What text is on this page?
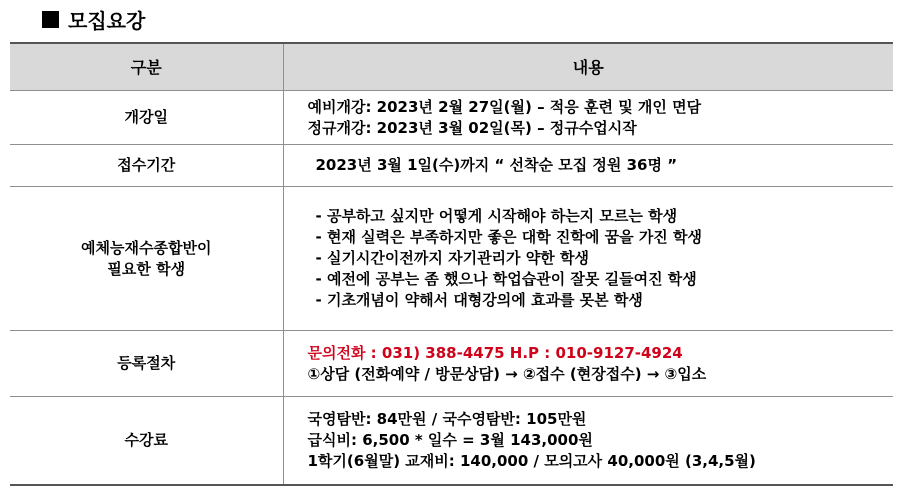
모집요강
구분	내용

개강일	예비개강: 2023년 2월 27일(월) – 적응 훈련 및 개인 면담
정규개강: 2023년 3월 02일(목) – 정규수업시작

접수기간	2023년 3월 1일(수)까지 “ 선착순 모집 정원 36명 ”

예체능재수종합반이
필요한 학생	- 공부하고 싶지만 어떻게 시작해야 하는지 모르는 학생
- 현재 실력은 부족하지만 좋은 대학 진학에 꿈을 가진 학생
- 실기시간이전까지 자기관리가 약한 학생
- 예전에 공부는 좀 했으나 학업습관이 잘못 길들여진 학생
- 기초개념이 약해서 대형강의에 효과를 못본 학생

등록절차	문의전화 : 031) 388-4475 H.P : 010-9127-4924
①상담 (전화예약 / 방문상담) → ②접수 (현장접수) → ③입소

수강료	국영탐반: 84만원 / 국수영탐반: 105만원
급식비: 6,500 * 일수 = 3월 143,000원
1학기(6월말) 교재비: 140,000 / 모의고사 40,000원 (3,4,5월)
